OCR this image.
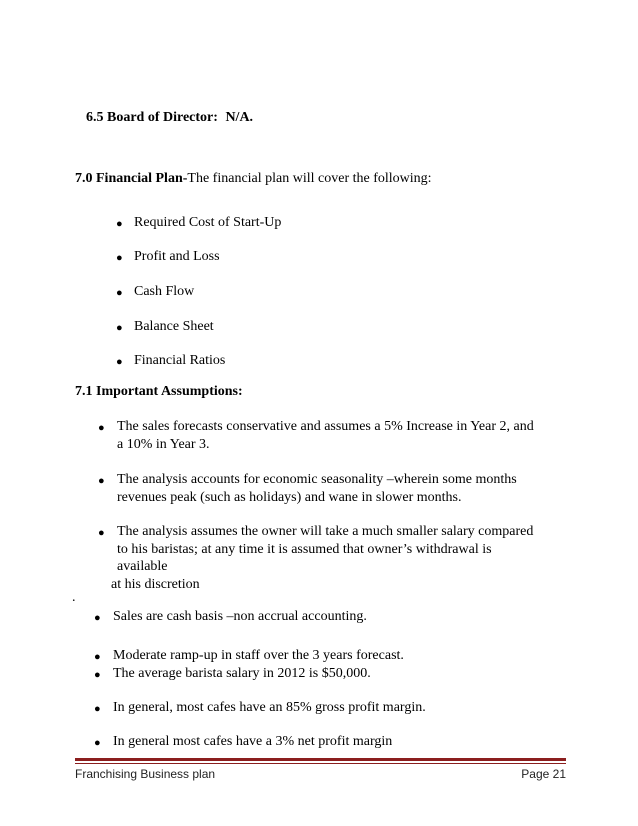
6.5 Board of Director: N/A.
7.0 Financial Plan-The financial plan will cover the following:
● Required Cost of Start-Up
● Profit and Loss
● Cash Flow
● Balance Sheet
● Financial Ratios
7.1 Important Assumptions:
● The sales forecasts conservative and assumes a 5% Increase in Year 2, and
a 10% in Year 3.
● The analysis accounts for economic seasonality –wherein some months
revenues peak (such as holidays) and wane in slower months.
● The analysis assumes the owner will take a much smaller salary compared
to his baristas; at any time it is assumed that owner’s withdrawal is
available
at his discretion
.
● Sales are cash basis –non accrual accounting.
● Moderate ramp-up in staff over the 3 years forecast.
● The average barista salary in 2012 is $50,000.
● In general, most cafes have an 85% gross profit margin.
● In general most cafes have a 3% net profit margin
Franchising Business plan	Page 21
